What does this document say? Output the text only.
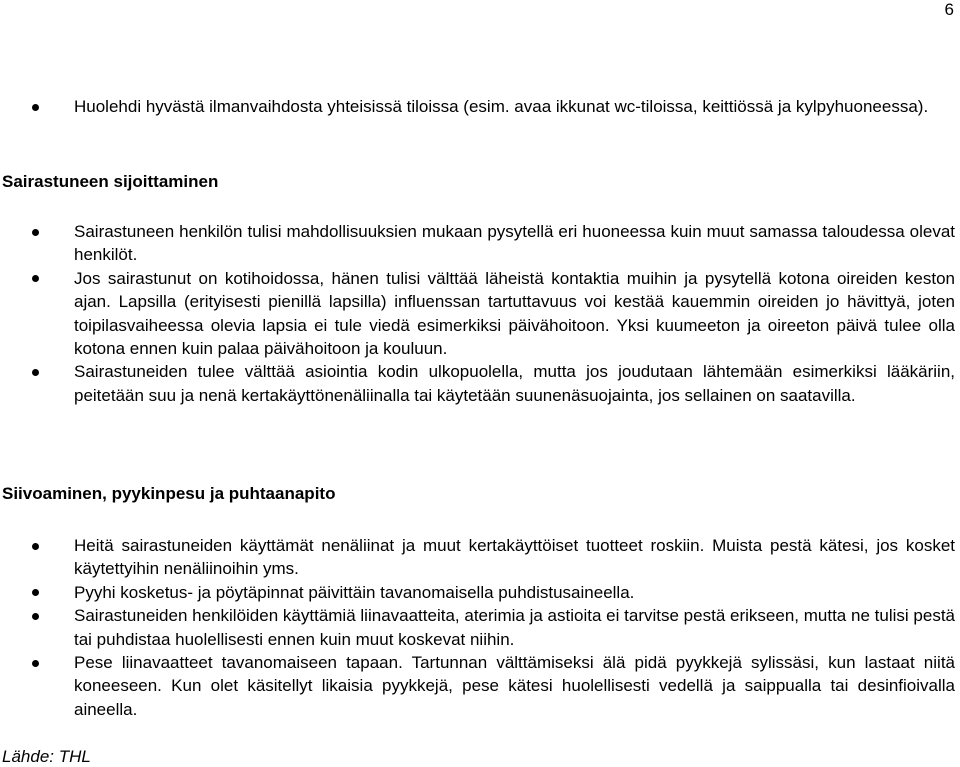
6
Huolehdi hyvästä ilmanvaihdosta yhteisissä tiloissa (esim. avaa ikkunat wc-tiloissa, keittiössä ja kylpyhuoneessa).
Sairastuneen sijoittaminen
Sairastuneen henkilön tulisi mahdollisuuksien mukaan pysytellä eri huoneessa kuin muut samassa taloudessa olevat henkilöt.
Jos sairastunut on kotihoidossa, hänen tulisi välttää läheistä kontaktia muihin ja pysytellä kotona oireiden keston ajan. Lapsilla (erityisesti pienillä lapsilla) influenssan tartuttavuus voi kestää kauemmin oireiden jo hävittyä, joten toipilasvaiheessa olevia lapsia ei tule viedä esimerkiksi päivähoitoon. Yksi kuumeeton ja oireeton päivä tulee olla kotona ennen kuin palaa päivähoitoon ja kouluun.
Sairastuneiden tulee välttää asiointia kodin ulkopuolella, mutta jos joudutaan lähtemään esimerkiksi lääkäriin, peitetään suu ja nenä kertakäyttönenäliinalla tai käytetään suunenäsuojainta, jos sellainen on saatavilla.
Siivoaminen, pyykinpesu ja puhtaanapito
Heitä sairastuneiden käyttämät nenäliinat ja muut kertakäyttöiset tuotteet roskiin. Muista pestä kätesi, jos kosket käytettyihin nenäliinoihin yms.
Pyyhi kosketus- ja pöytäpinnat päivittäin tavanomaisella puhdistusaineella.
Sairastuneiden henkilöiden käyttämiä liinavaatteita, aterimia ja astioita ei tarvitse pestä erikseen, mutta ne tulisi pestä tai puhdistaa huolellisesti ennen kuin muut koskevat niihin.
Pese liinavaatteet tavanomaiseen tapaan. Tartunnan välttämiseksi älä pidä pyykkejä sylissäsi, kun lastaat niitä koneeseen. Kun olet käsitellyt likaisia pyykkejä, pese kätesi huolellisesti vedellä ja saippualla tai desinfioivalla aineella.

Lähde: THL
